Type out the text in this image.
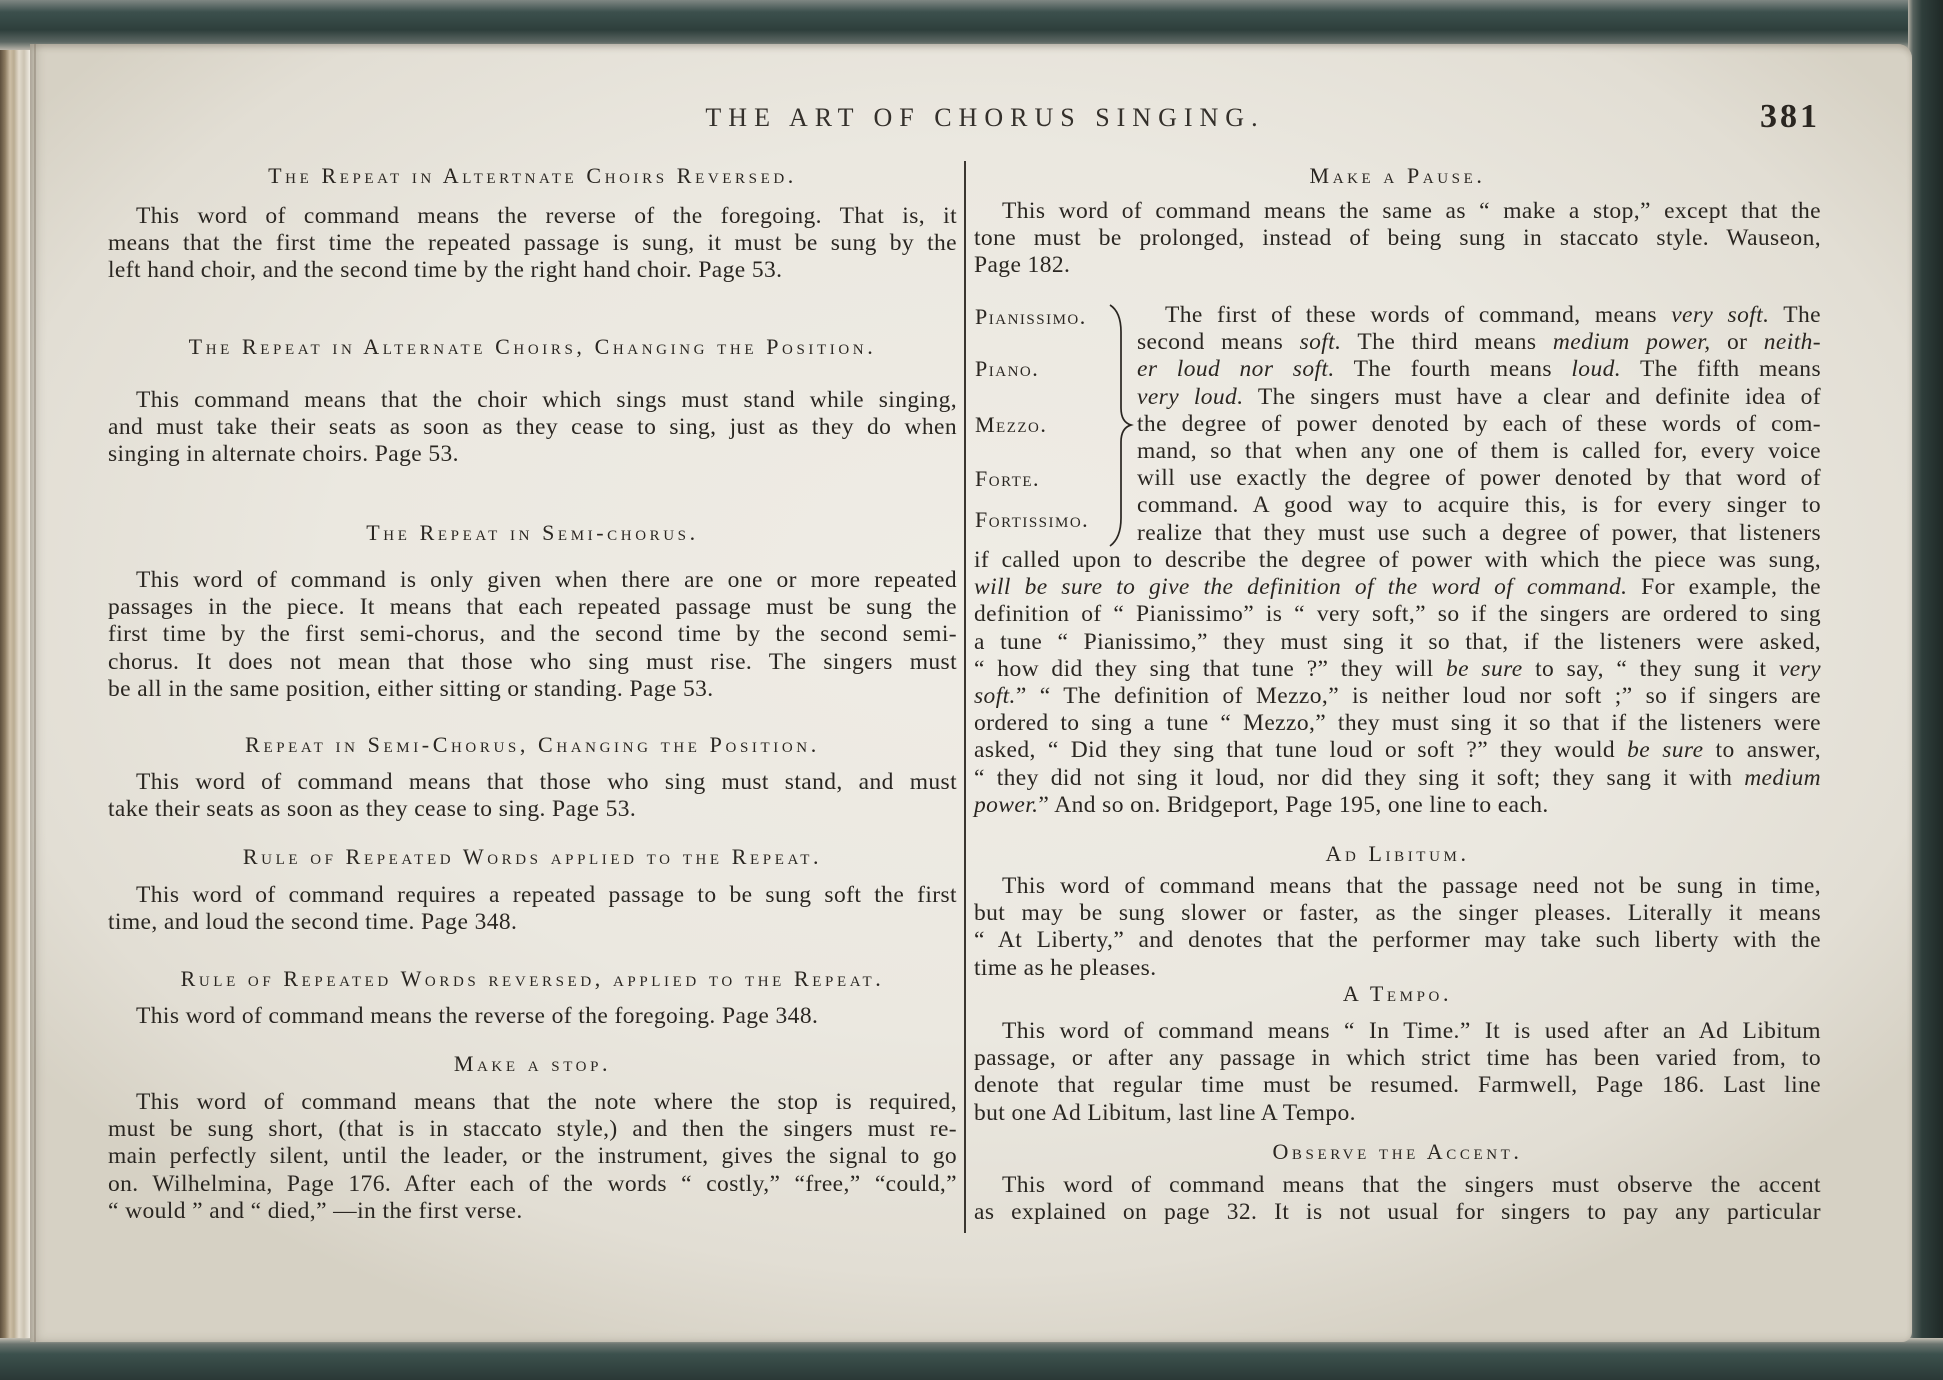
THE ART OF CHORUS SINGING.	381
The Repeat in Altertnate Choirs Reversed.
This word of command means the reverse of the foregoing. That is, it
means that the first time the repeated passage is sung, it must be sung by the
left hand choir, and the second time by the right hand choir. Page 53.
The Repeat in Alternate Choirs, Changing the Position.
This command means that the choir which sings must stand while singing,
and must take their seats as soon as they cease to sing, just as they do when
singing in alternate choirs. Page 53.
The Repeat in Semi-chorus.
This word of command is only given when there are one or more repeated
passages in the piece. It means that each repeated passage must be sung the
first time by the first semi-chorus, and the second time by the second semi-
chorus. It does not mean that those who sing must rise. The singers must
be all in the same position, either sitting or standing. Page 53.
Repeat in Semi-Chorus, Changing the Position.
This word of command means that those who sing must stand, and must
take their seats as soon as they cease to sing. Page 53.
Rule of Repeated Words applied to the Repeat.
This word of command requires a repeated passage to be sung soft the first
time, and loud the second time. Page 348.
Rule of Repeated Words reversed, applied to the Repeat.
This word of command means the reverse of the foregoing. Page 348.
Make a stop.
This word of command means that the note where the stop is required,
must be sung short, (that is in staccato style,) and then the singers must re-
main perfectly silent, until the leader, or the instrument, gives the signal to go
on. Wilhelmina, Page 176. After each of the words “ costly,” “free,” “could,”
“ would ” and “ died,” —in the first verse.
Make a Pause.
This word of command means the same as “ make a stop,” except that the
tone must be prolonged, instead of being sung in staccato style. Wauseon,
Page 182.
Pianissimo.
Piano.
Mezzo.
Forte.
Fortissimo.
The first of these words of command, means very soft. The
second means soft. The third means medium power, or neith-
er loud nor soft. The fourth means loud. The fifth means
very loud. The singers must have a clear and definite idea of
the degree of power denoted by each of these words of com-
mand, so that when any one of them is called for, every voice
will use exactly the degree of power denoted by that word of
command. A good way to acquire this, is for every singer to
realize that they must use such a degree of power, that listeners
if called upon to describe the degree of power with which the piece was sung,
will be sure to give the definition of the word of command. For example, the
definition of “ Pianissimo” is “ very soft,” so if the singers are ordered to sing
a tune “ Pianissimo,” they must sing it so that, if the listeners were asked,
“ how did they sing that tune ?” they will be sure to say, “ they sung it very
soft.” “ The definition of Mezzo,” is neither loud nor soft ;” so if singers are
ordered to sing a tune “ Mezzo,” they must sing it so that if the listeners were
asked, “ Did they sing that tune loud or soft ?” they would be sure to answer,
“ they did not sing it loud, nor did they sing it soft; they sang it with medium
power.” And so on. Bridgeport, Page 195, one line to each.
Ad Libitum.
This word of command means that the passage need not be sung in time,
but may be sung slower or faster, as the singer pleases. Literally it means
“ At Liberty,” and denotes that the performer may take such liberty with the
time as he pleases.
A Tempo.
This word of command means “ In Time.” It is used after an Ad Libitum
passage, or after any passage in which strict time has been varied from, to
denote that regular time must be resumed. Farmwell, Page 186. Last line
but one Ad Libitum, last line A Tempo.
Observe the Accent.
This word of command means that the singers must observe the accent
as explained on page 32. It is not usual for singers to pay any particular
